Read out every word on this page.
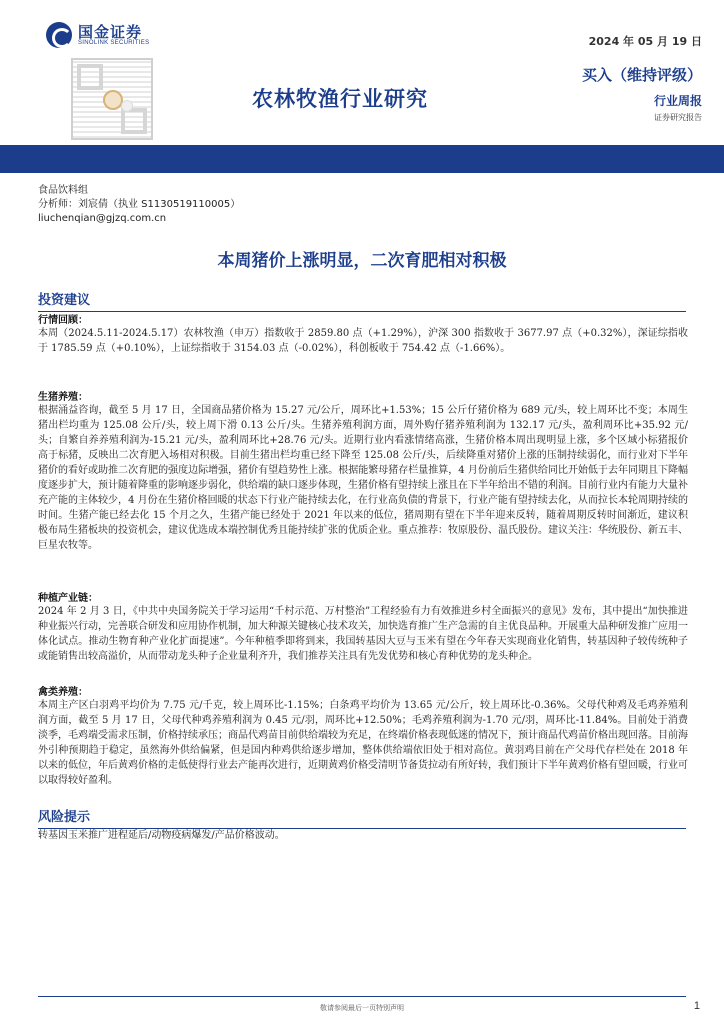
国金证券
SINOLINK SECURITIES	2024 年 05 月 19 日
买入（维持评级）
农林牧渔行业研究	行业周报
证券研究报告
食品饮料组
分析师：刘宸倩（执业 S1130519110005）
liuchenqian@gjzq.com.cn
本周猪价上涨明显，二次育肥相对积极
投资建议
行情回顾：
本周（2024.5.11-2024.5.17）农林牧渔（申万）指数收于 2859.80 点（+1.29%），沪深 300 指数收于 3677.97 点（+0.32%），深证综指收于 1785.59 点（+0.10%），上证综指收于 3154.03 点（-0.02%），科创板收于 754.42 点（-1.66%）。
生猪养殖：
根据涌益咨询，截至 5 月 17 日，全国商品猪价格为 15.27 元/公斤，周环比+1.53%；15 公斤仔猪价格为 689 元/头，较上周环比不变；本周生猪出栏均重为 125.08 公斤/头，较上周下滑 0.13 公斤/头。生猪养殖利润方面，周外购仔猪养殖利润为 132.17 元/头，盈利周环比+35.92 元/头；自繁自养养殖利润为-15.21 元/头，盈利周环比+28.76 元/头。近期行业内看涨情绪高涨，生猪价格本周出现明显上涨，多个区域小标猪报价高于标猪，反映出二次育肥入场相对积极。目前生猪出栏均重已经下降至 125.08 公斤/头，后续降重对猪价上涨的压制持续弱化，而行业对下半年猪价的看好或助推二次育肥的强度边际增强，猪价有望趋势性上涨。根据能繁母猪存栏量推算，4 月份前后生猪供给同比开始低于去年同期且下降幅度逐步扩大，预计随着降重的影响逐步弱化，供给端的缺口逐步体现，生猪价格有望持续上涨且在下半年给出不错的利润。目前行业内有能力大量补充产能的主体较少，4 月份在生猪价格回暖的状态下行业产能持续去化，在行业高负债的背景下，行业产能有望持续去化，从而拉长本轮周期持续的时间。生猪产能已经去化 15 个月之久，生猪产能已经处于 2021 年以来的低位，猪周期有望在下半年迎来反转，随着周期反转时间渐近，建议积极布局生猪板块的投资机会，建议优选成本端控制优秀且能持续扩张的优质企业。重点推荐：牧原股份、温氏股份。建议关注：华统股份、新五丰、巨星农牧等。
种植产业链：
2024 年 2 月 3 日，《中共中央国务院关于学习运用“千村示范、万村整治”工程经验有力有效推进乡村全面振兴的意见》发布，其中提出“加快推进种业振兴行动，完善联合研发和应用协作机制，加大种源关键核心技术攻关，加快选育推广生产急需的自主优良品种。开展重大品种研发推广应用一体化试点。推动生物育种产业化扩面提速”。今年种植季即将到来，我国转基因大豆与玉米有望在今年春天实现商业化销售，转基因种子较传统种子或能销售出较高溢价，从而带动龙头种子企业量利齐升，我们推荐关注具有先发优势和核心育种优势的龙头种企。
禽类养殖：
本周主产区白羽鸡平均价为 7.75 元/千克，较上周环比-1.15%；白条鸡平均价为 13.65 元/公斤，较上周环比-0.36%。父母代种鸡及毛鸡养殖利润方面，截至 5 月 17 日，父母代种鸡养殖利润为 0.45 元/羽，周环比+12.50%；毛鸡养殖利润为-1.70 元/羽，周环比-11.84%。目前处于消费淡季，毛鸡端受需求压制，价格持续承压；商品代鸡苗目前供给端较为充足，在终端价格表现低迷的情况下，预计商品代鸡苗价格出现回落。目前海外引种预期趋于稳定，虽然海外供给偏紧，但是国内种鸡供给逐步增加，整体供给端依旧处于相对高位。黄羽鸡目前在产父母代存栏处在 2018 年以来的低位，年后黄鸡价格的走低使得行业去产能再次进行，近期黄鸡价格受清明节备货拉动有所好转，我们预计下半年黄鸡价格有望回暖，行业可以取得较好盈利。
风险提示
转基因玉米推广进程延后/动物疫病爆发/产品价格波动。
敬请参阅最后一页特别声明	1
